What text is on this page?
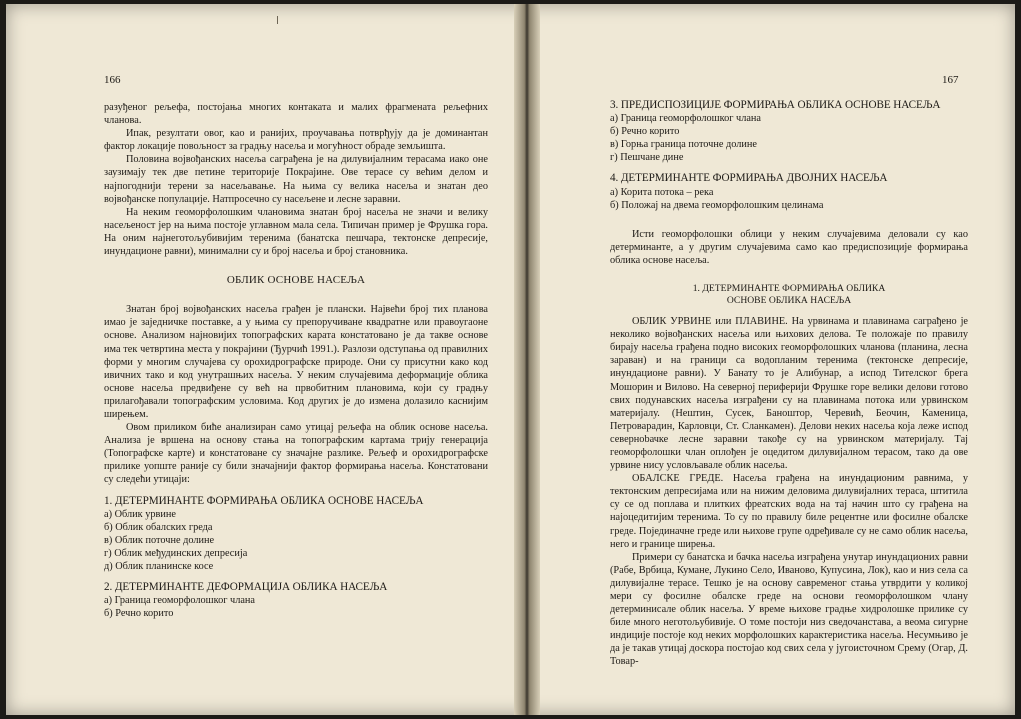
166

разуђеног рељефа, постојања многих контаката и малих фрагмената рељефних чланова.

Ипак, резултати овог, као и ранијих, проучавања потврђују да је доминантан фактор локације повољност за градњу насеља и могућност обраде земљишта.

Половина војвођанских насеља саграђена је на дилувијалним терасама иако оне заузимају тек две петине територије Покрајине. Ове терасе су већим делом и најпогоднији терени за насељавање. На њима су велика насеља и знатан део војвођанске популације. Натпросечно су насељене и лесне заравни.

На неким геоморфолошким члановима знатан број насеља не значи и велику насељеност јер на њима постоје углавном мала села. Типичан пример је Фрушка гора. На оним најнеготољубивијим теренима (банатска пешчара, тектонске депресије, инундационе равни), минимални су и број насеља и број становника.

ОБЛИК ОСНОВЕ НАСЕЉА

Знатан број војвођанских насеља грађен је плански. Највећи број тих планова имао је заједничке поставке, а у њима су препоручиване квадратне или правоугаоне основе. Анализом најновијих топографских карата констатовано је да такве основе има тек четвртина места у покрајини (Ђурчић 1991.). Разлози одступања од правилних форми у многим случајева су орохидрографске природе. Они су присутни како код ивичних тако и код унутрашњих насеља. У неким случајевима деформације облика основе насеља предвиђене су већ на првобитним плановима, који су градњу прилагођавали топографским условима. Код других је до измена долазило касниjим ширењем.

Овом приликом биће анализиран само утицај рељефа на облик основе насеља. Анализа је вршена на основу стања на топографским картама трију генерација (Топографске карте) и констатоване су значајне разлике. Рељеф и орохидрографске прилике уопште раније су били значајнији фактор формирања насеља. Констатовани су следећи утицаји:

1. ДЕТЕРМИНАНТЕ ФОРМИРАЊА ОБЛИКА ОСНОВЕ НАСЕЉА

а) Облик урвине

б) Облик обалских греда

в) Облик поточне долине

г) Облик међудинских депресија

д) Облик планинске косе

2. ДЕТЕРМИНАНТЕ ДЕФОРМАЦИЈА ОБЛИКА НАСЕЉА

а) Граница геоморфолошког члана

б) Речно корито

167

3. ПРЕДИСПОЗИЦИЈЕ ФОРМИРАЊА ОБЛИКА ОСНОВЕ НАСЕЉА

а) Граница геоморфолошког члана

б) Речно корито

в) Горња граница поточне долине

г) Пешчане дине

4. ДЕТЕРМИНАНТЕ ФОРМИРАЊА ДВОЈНИХ НАСЕЉА

а) Корита потока – река

б) Положај на двема геоморфолошким целинама

Исти геоморфолошки облици у неким случајевима деловали су као детерминанте, а у другим случајевима само као предиспозиције формирања облика основе насеља.

1. ДЕТЕРМИНАНТЕ ФОРМИРАЊА ОБЛИКА

ОСНОВЕ ОБЛИКА НАСЕЉА

ОБЛИК УРВИНЕ или ПЛАВИНЕ. На урвинама и плавинама саграђено је неколико војвођанских насеља или њихових делова. Те положаје по правилу бирају насеља грађена подно високих геоморфолошких чланова (планина, лесна зараван) и на граници са водопланим теренима (тектонске депресије, инундационе равни). У Банату то је Алибунар, а испод Тителског брега Мошорин и Вилово. На северној периферији Фрушке горе велики делови готово свих подунавских насеља изграђени су на плавинама потока или урвинском материјалу. (Нештин, Сусек, Баноштор, Черевић, Беочин, Каменица, Петроварадин, Карловци, Ст. Сланкамен). Делови неких насеља која леже испод северноbачке лесне заравни такође су на урвинском материјалу. Тај геоморфолошки члан оплођен је оцедитом дилувијалном терасом, тако да ове урвине нису условљавале облик насеља.

ОБАЛСКЕ ГРЕДЕ. Насеља грађена на инундационим равнима, у тектонским депресијама или на нижим деловима дилувијалних тераса, штитила су се од поплава и плитких фреатских вода на тај начин што су грађена на најоцедитијим теренима. То су по правилу биле рецентне или фосилне обалске греде. Појединачне греде или њихове групе одређивале су не само облик насеља, него и границе ширења.

Примери су банатска и бачка насеља изграђена унутар инундационих равни (Рабе, Врбица, Кумане, Лукино Село, Иваново, Купусина, Лок), као и низ села са дилувијалне терасе. Тешко је на основу савременог стања утврдити у коликој мери су фосилне обалске греде на основи геоморфолошком члану детерминисале облик насеља. У време њихове градње хидролошке прилике су биле много неготољубивије. О томе постоји низ сведочанстава, а веома сигурне индиције постоје код неких морфолошких карактеристика насеља. Несумњиво је да је такав утицај доскора постојао код свих села у југоисточном Срему (Огар, Д. Товар-
